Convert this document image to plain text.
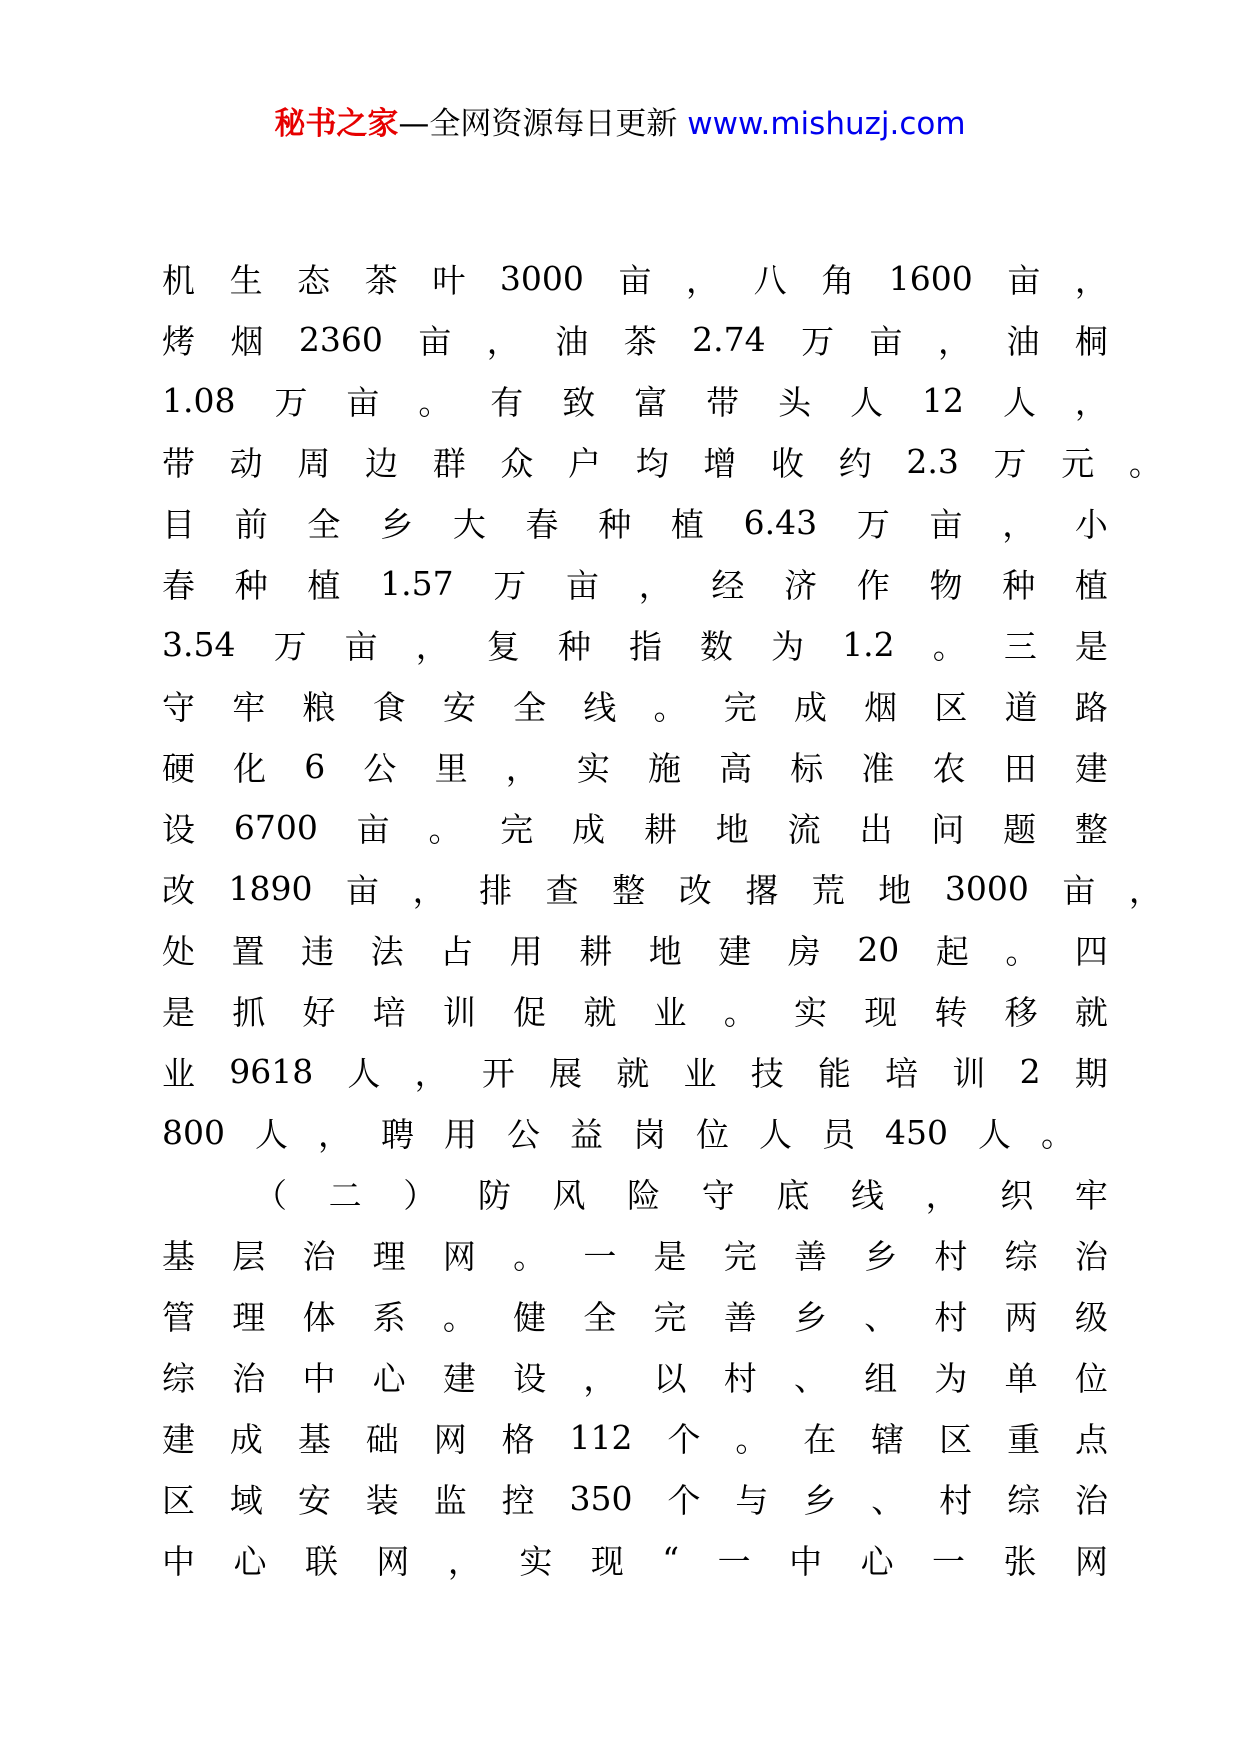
秘书之家—全网资源每日更新 www.mishuzj.com
机 生 态 茶 叶 3000 亩 ， 八 角 1600 亩 ，
烤 烟 2360 亩 ， 油 茶 2.74 万 亩 ， 油 桐
1.08 万 亩 。 有 致 富 带 头 人 12 人 ，
带 动 周 边 群 众 户 均 增 收 约 2.3 万 元 。
目 前 全 乡 大 春 种 植 6.43 万 亩 ， 小
春 种 植 1.57 万 亩 ， 经 济 作 物 种 植
3.54 万 亩 ， 复 种 指 数 为 1.2 。 三 是
守 牢 粮 食 安 全 线 。 完 成 烟 区 道 路
硬 化 6 公 里 ， 实 施 高 标 准 农 田 建
设 6700 亩 。 完 成 耕 地 流 出 问 题 整
改 1890 亩 ， 排 查 整 改 撂 荒 地 3000 亩 ，
处 置 违 法 占 用 耕 地 建 房 20 起 。 四
是 抓 好 培 训 促 就 业 。 实 现 转 移 就
业 9618 人 ， 开 展 就 业 技 能 培 训 2 期
800 人 ， 聘 用 公 益 岗 位 人 员 450 人 。
（ 二 ） 防 风 险 守 底 线 ， 织 牢
基 层 治 理 网 。 一 是 完 善 乡 村 综 治
管 理 体 系 。 健 全 完 善 乡 、 村 两 级
综 治 中 心 建 设 ， 以 村 、 组 为 单 位
建 成 基 础 网 格 112 个 。 在 辖 区 重 点
区 域 安 装 监 控 350 个 与 乡 、 村 综 治
中 心 联 网 ， 实 现 “ 一 中 心 一 张 网
